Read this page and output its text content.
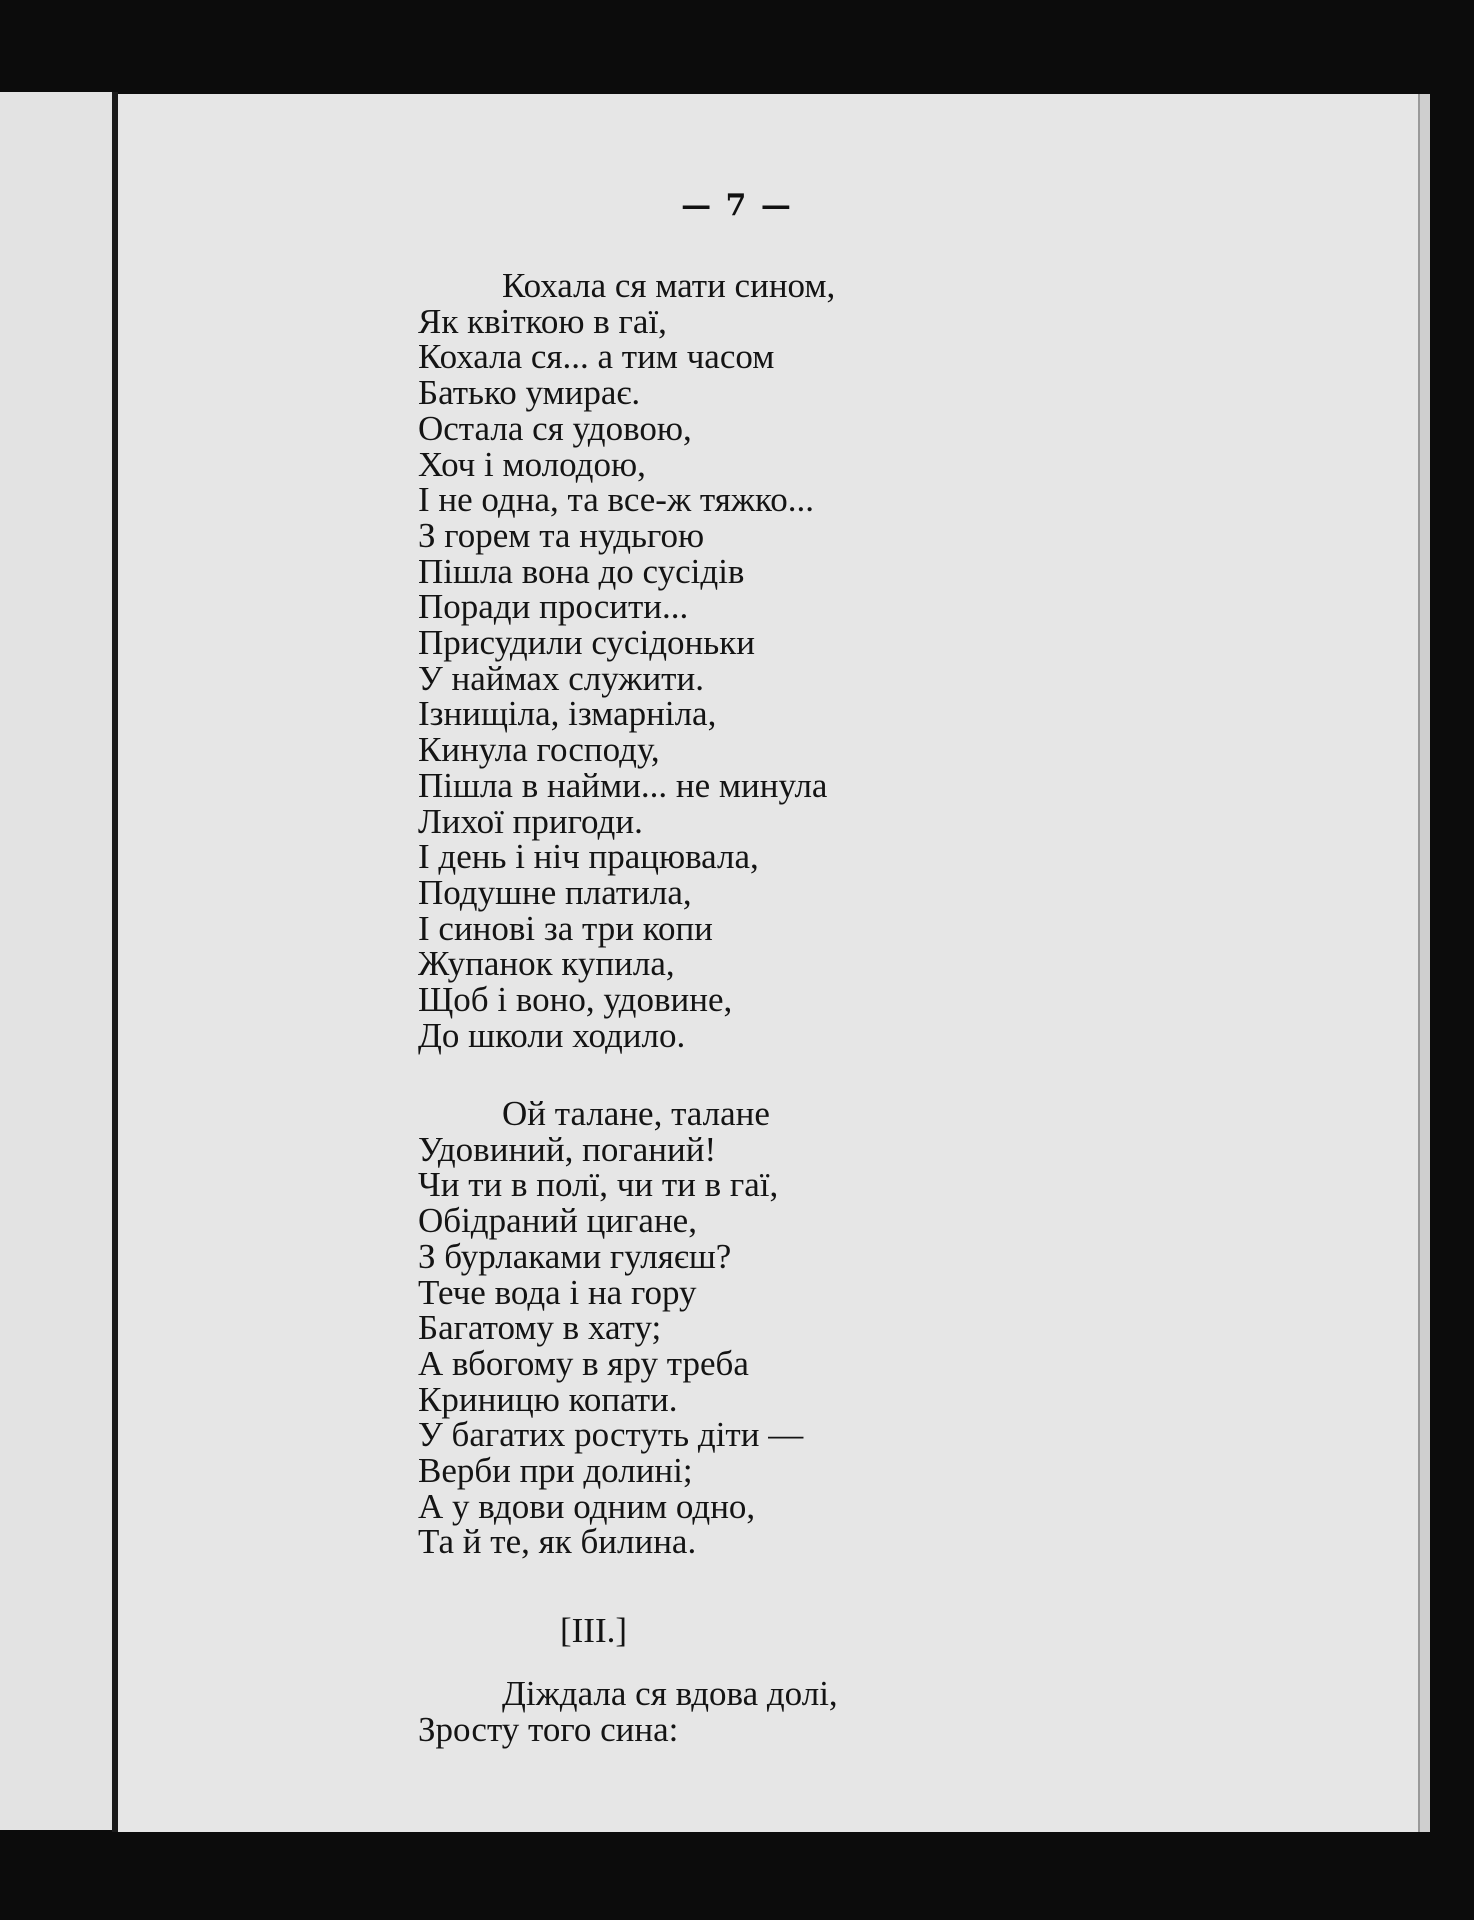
— 7 —
Кохала ся мати сином,
Як квіткою в гаї,
Кохала ся... а тим часом
Батько умирає.
Остала ся удовою,
Хоч і молодою,
І не одна, та все-ж тяжко...
З горем та нудьгою
Пішла вона до сусідів
Поради просити...
Присудили сусідоньки
У наймах служити.
Ізнищіла, ізмарніла,
Кинула господу,
Пішла в найми... не минула
Лихої пригоди.
І день і ніч працювала,
Подушне платила,
І синові за три копи
Жупанок купила,
Щоб і воно, удовине,
До школи ходило.
Ой талане, талане
Удовиний, поганий!
Чи ти в полї, чи ти в гаї,
Обідраний цигане,
З бурлаками гуляєш?
Тече вода і на гору
Багатому в хату;
А вбогому в яру треба
Криницю копати.
У багатих ростуть діти —
Верби при долині;
А у вдови одним одно,
Та й те, як билина.
[III.]
Діждала ся вдова долі,
Зросту того сина:
